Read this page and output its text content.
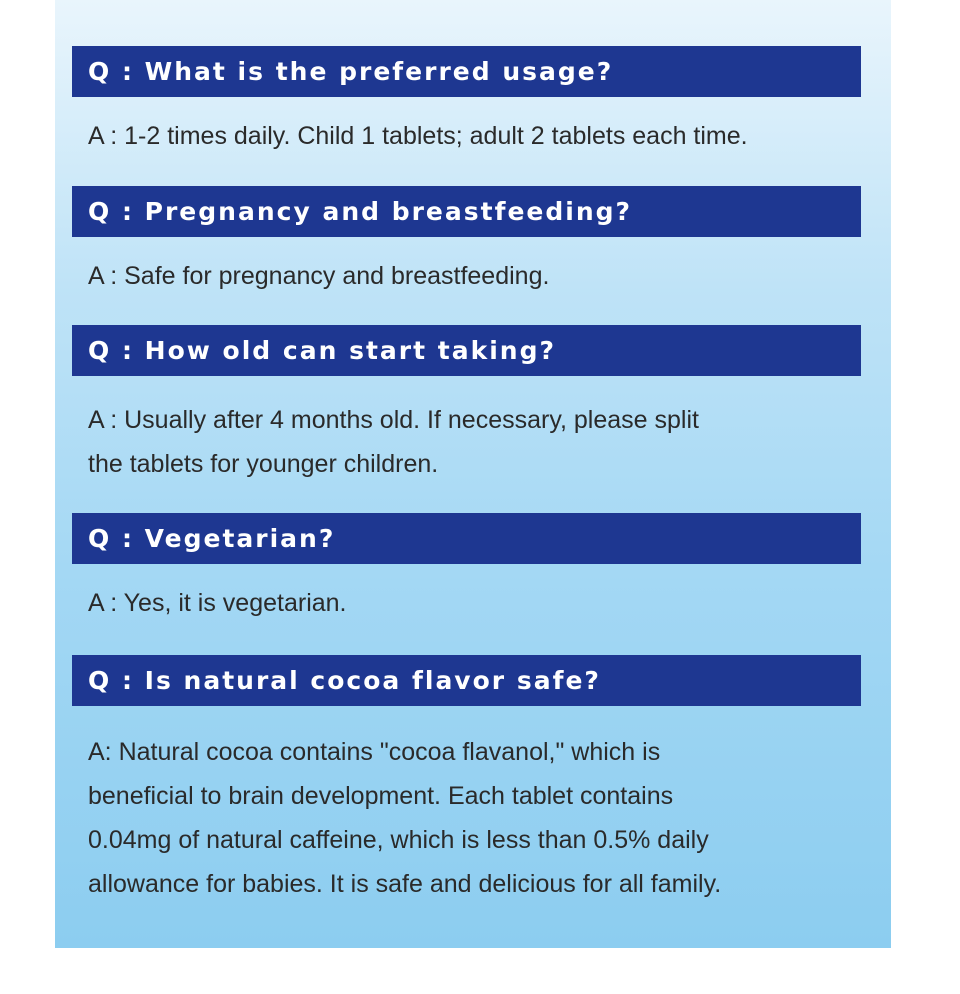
Q : What is the preferred usage?
A : 1-2 times daily. Child 1 tablets; adult 2 tablets each time.
Q : Pregnancy and breastfeeding?
A : Safe for pregnancy and breastfeeding.
Q : How old can start taking?
A : Usually after 4 months old. If necessary, please split
the tablets for younger children.
Q : Vegetarian?
A : Yes, it is vegetarian.
Q : Is natural cocoa flavor safe?
A: Natural cocoa contains "cocoa flavanol," which is
beneficial to brain development. Each tablet contains
0.04mg of natural caffeine, which is less than 0.5% daily
allowance for babies. It is safe and delicious for all family.
